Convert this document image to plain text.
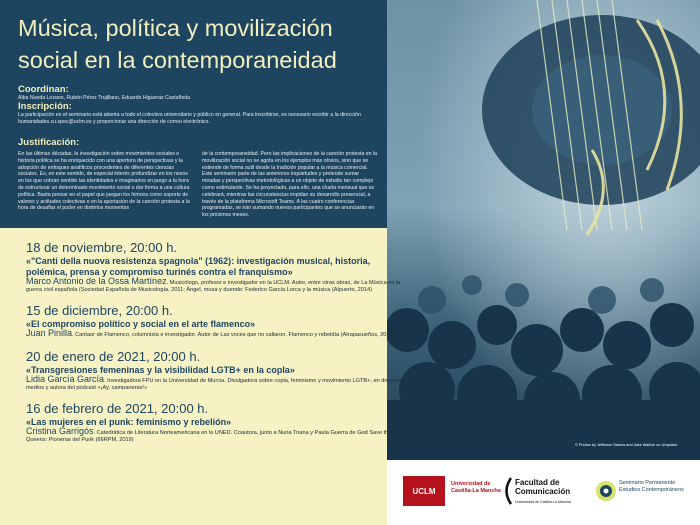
Música, política y movilización
social en la contemporaneidad
Coordinan:
Alba Nueda Lozano, Rubén Pérez Trujillano, Eduardo Higueras Castañeda
Inscripción:
La participación en el seminario está abierta a todo el colectivo universitario y público en general. Para inscribirse, es necesario escribir a la dirección humanidades.cu.spec@uclm.es y proporcionar una dirección de correo electrónico.
Justificación:
En las últimas décadas, la investigación sobre movimientos sociales e historia política se ha enriquecido con una apertura de perspectivas y la adopción de enfoques analíticos procedentes de diferentes ciencias sociales. Es, en este sentido, de especial interés profundizar en los nexos en los que cobran sentido las identidades e imaginarios en juego a la hora de estructurar un determinado movimiento social o dar forma a una cultura política. Basta pensar en el papel que juegan los himnos como soporte de valores y actitudes colectivas o en la aportación de la canción protesta a la hora de desafiar el poder en distintos momentos
de la contemporaneidad. Pero las implicaciones de la canción protesta en la movilización social no se agota en los ejemplos más obvios, sino que se extiende de forma sutil desde la tradición popular a la música comercial. Este seminario parte de las anteriores inquietudes y pretende sumar miradas y perspectivas metodológicas a un objeto de estudio tan complejo como estimulante. Se ha proyectado, para ello, una charla mensual que se celebrará, mientras las circunstancias impidan su desarrollo presencial, a través de la plataforma Microsoft Teams. A las cuatro conferencias programadas, se irán sumando nuevos participantes que se anunciarán en los próximos meses.
© Photos by Jefferson Santos and Jake Walrich on Unsplash
18 de noviembre, 20:00 h.
«"Canti della nuova resistenza spagnola" (1962): investigación musical, historia, polémica, prensa y compromiso turinés contra el franquismo»
Marco Antonio de la Ossa Martínez. Musicólogo, profesor e investigador en la UCLM. Autor, entre otras obras, de La Música en la guerra civil española (Sociedad Española de Musicología, 2011; Ángel, musa y duende: Federico García Lorca y la música (Alpuerto, 2014)
15 de diciembre, 20:00 h.
«El compromiso político y social en el arte flamenco»
Juan Pinilla. Cantaor de Flamenco, columnista e investigador. Autor de Las voces que no callaron. Flamenco y rebeldía (Atrapasueños, 2011)
20 de enero de 2021, 20:00 h.
«Transgresiones femeninas y la visibilidad LGTB+ en la copla»
Lidia García García. Investigadora FPU en la Universidad de Murcia. Divulgadora sobre copla, feminismo y movimiento LGTB+, en diversos medios y autora del podcast «¡Ay, campaneras!»
16 de febrero de 2021, 20:00 h.
«Las mujeres en el punk: feminismo y rebelión»
Cristina Garrigós. Catedrática de Literatura Norteamericana en la UNED. Coautora, junto a Nuria Triana y Paula Guerra de God Save the Queens: Pioneras del Punk (66RPM, 2019)
UCLM
Universidad de
Castilla-La Mancha
Facultad de
Comunicación
Universidad de Castilla-La Mancha
Seminario Permanente
Estudios Contemporáneos
